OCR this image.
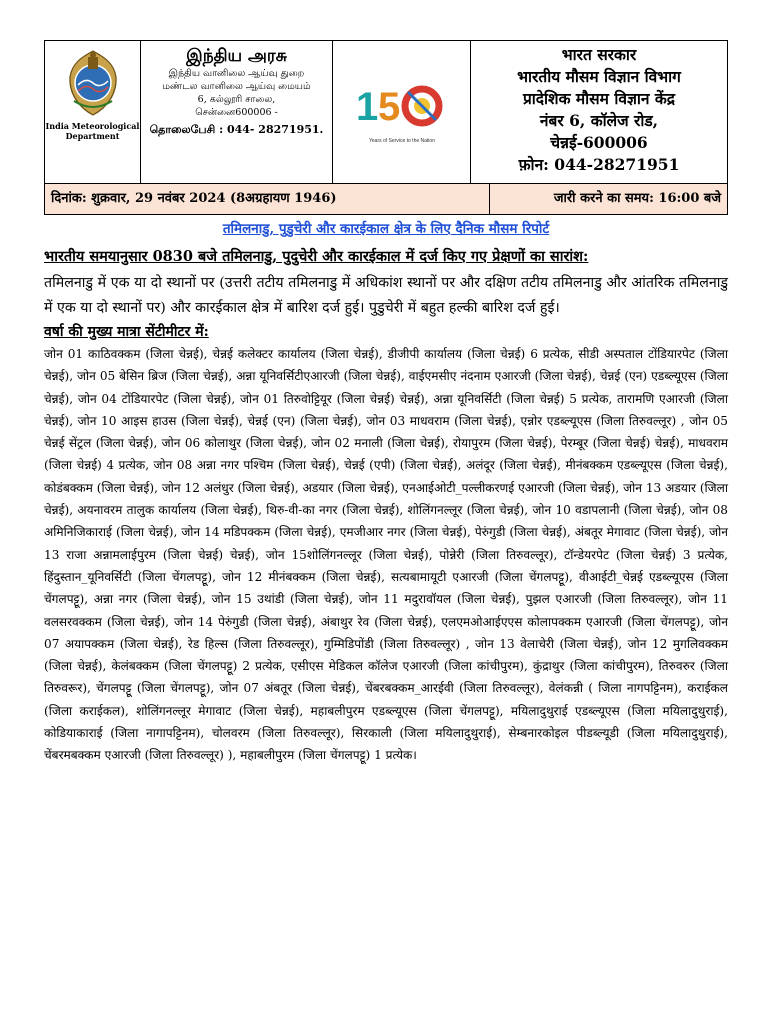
India Meteorological Department
இந்திய அரசு
இந்திய வானிலை ஆய்வு துறை
மண்டல வானிலை ஆய்வு மையம்
6, கல்லூரி சாலை,
சென்னை600006 -
தொலைபேசி : 044- 28271951.
1 5
Years of Service to the Nation
भारत सरकार
भारतीय मौसम विज्ञान विभाग
प्रादेशिक मौसम विज्ञान केंद्र
नंबर 6, कॉलेज रोड,
चेन्नई-600006
फ़ोन: 044-28271951
दिनांक: शुक्रवार, 29 नवंबर 2024 (8अग्रहायण 1946)	जारी करने का समय: 16:00 बजे
तमिलनाडु, पुडुचेरी और कारईकाल क्षेत्र के लिए दैनिक मौसम रिपोर्ट
भारतीय समयानुसार 0830 बजे तमिलनाडु, पुदुचेरी और कारईकाल में दर्ज किए गए प्रेक्षणों का सारांश:
तमिलनाडु में एक या दो स्थानों पर (उत्तरी तटीय तमिलनाडु में अधिकांश स्थानों पर और दक्षिण तटीय तमिलनाडु और आंतरिक तमिलनाडु में एक या दो स्थानों पर) और कारईकाल क्षेत्र में बारिश दर्ज हुई। पुडुचेरी में बहुत हल्की बारिश दर्ज हुई।
वर्षा की मुख्य मात्रा सेंटीमीटर में:
जोन 01 काठिवक्कम (जिला चेन्नई), चेन्नई कलेक्टर कार्यालय (जिला चेन्नई), डीजीपी कार्यालय (जिला चेन्नई) 6 प्रत्येक, सीडी अस्पताल टोंडियारपेट (जिला चेन्नई), जोन 05 बेसिन ब्रिज (जिला चेन्नई), अन्ना यूनिवर्सिटीएआरजी (जिला चेन्नई), वाईएमसीए नंदनाम एआरजी (जिला चेन्नई), चेन्नई (एन) एडब्ल्यूएस (जिला चेन्नई), जोन 04 टोंडियारपेट (जिला चेन्नई), जोन 01 तिरुवोट्टियूर (जिला चेन्नई) चेन्नई), अन्ना यूनिवर्सिटी (जिला चेन्नई) 5 प्रत्येक, तारामणि एआरजी (जिला चेन्नई), जोन 10 आइस हाउस (जिला चेन्नई), चेन्नई (एन) (जिला चेन्नई), जोन 03 माधवराम (जिला चेन्नई), एन्नोर एडब्ल्यूएस (जिला तिरुवल्लूर) , जोन 05 चेन्नई सेंट्रल (जिला चेन्नई), जोन 06 कोलाथुर (जिला चेन्नई), जोन 02 मनाली (जिला चेन्नई), रोयापुरम (जिला चेन्नई), पेरम्बूर (जिला चेन्नई) चेन्नई), माधवराम (जिला चेन्नई) 4 प्रत्येक, जोन 08 अन्ना नगर पश्चिम (जिला चेन्नई), चेन्नई (एपी) (जिला चेन्नई), अलंदूर (जिला चेन्नई), मीनंबक्कम एडब्ल्यूएस (जिला चेन्नई), कोडंबक्कम (जिला चेन्नई), जोन 12 अलंधुर (जिला चेन्नई), अडयार (जिला चेन्नई), एनआईओटी_पल्लीकरणई एआरजी (जिला चेन्नई), जोन 13 अडयार (जिला चेन्नई), अयनावरम तालुक कार्यालय (जिला चेन्नई), थिरु-वी-का नगर (जिला चेन्नई), शोलिंगनल्लूर (जिला चेन्नई), जोन 10 वडापलानी (जिला चेन्नई), जोन 08 अमिनिजिकाराई (जिला चेन्नई), जोन 14 मडिपक्कम (जिला चेन्नई), एमजीआर नगर (जिला चेन्नई), पेरुंगुडी (जिला चेन्नई), अंबतूर मेगावाट (जिला चेन्नई), जोन 13 राजा अन्नामलाईपुरम (जिला चेन्नई) चेन्नई), जोन 15शोलिंगनल्लूर (जिला चेन्नई), पोन्नेरी (जिला तिरुवल्लूर), टॉन्डेयरपेट (जिला चेन्नई) 3 प्रत्येक, हिंदुस्तान_यूनिवर्सिटी (जिला चेंगलपट्टू), जोन 12 मीनंबक्कम (जिला चेन्नई), सत्यबामायूटी एआरजी (जिला चेंगलपट्टू), वीआईटी_चेन्नई एडब्ल्यूएस (जिला चेंगलपट्टू), अन्ना नगर (जिला चेन्नई), जोन 15 उथांडी (जिला चेन्नई), जोन 11 मदुरावॉयल (जिला चेन्नई), पुझल एआरजी (जिला तिरुवल्लूर), जोन 11 वलसरवक्कम (जिला चेन्नई), जोन 14 पेरुंगुडी (जिला चेन्नई), अंबाथुर रेव (जिला चेन्नई), एलएमओआईएएस कोलापक्कम एआरजी (जिला चेंगलपट्टू), जोन 07 अयापक्कम (जिला चेन्नई), रेड हिल्स (जिला तिरुवल्लूर), गुम्मिडिपोंडी (जिला तिरुवल्लूर) , जोन 13 वेलाचेरी (जिला चेन्नई), जोन 12 मुगलिवक्कम (जिला चेन्नई), केलंबक्कम (जिला चेंगलपट्टू) 2 प्रत्येक, एसीएस मेडिकल कॉलेज एआरजी (जिला कांचीपुरम), कुंद्राथुर (जिला कांचीपुरम), तिरुवरुर (जिला तिरुवरूर), चेंगलपट्टू (जिला चेंगलपट्टू), जोन 07 अंबतूर (जिला चेन्नई), चेंबरबक्कम_आरईवी (जिला तिरुवल्लूर), वेलंकन्नी ( जिला नागपट्टिनम), कराईकल (जिला कराईकल), शोलिंगनल्लूर मेगावाट (जिला चेन्नई), महाबलीपुरम एडब्ल्यूएस (जिला चेंगलपट्टू), मयिलादुथुराई एडब्ल्यूएस (जिला मयिलादुथुराई), कोडियाकाराई (जिला नागापट्टिनम), चोलवरम (जिला तिरुवल्लूर), सिरकाली (जिला मयिलादुथुराई), सेम्बनारकोइल पीडब्ल्यूडी (जिला मयिलादुथुराई), चेंबरमबक्कम एआरजी (जिला तिरुवल्लूर) ), महाबलीपुरम (जिला चेंगलपट्टू) 1 प्रत्येक।
